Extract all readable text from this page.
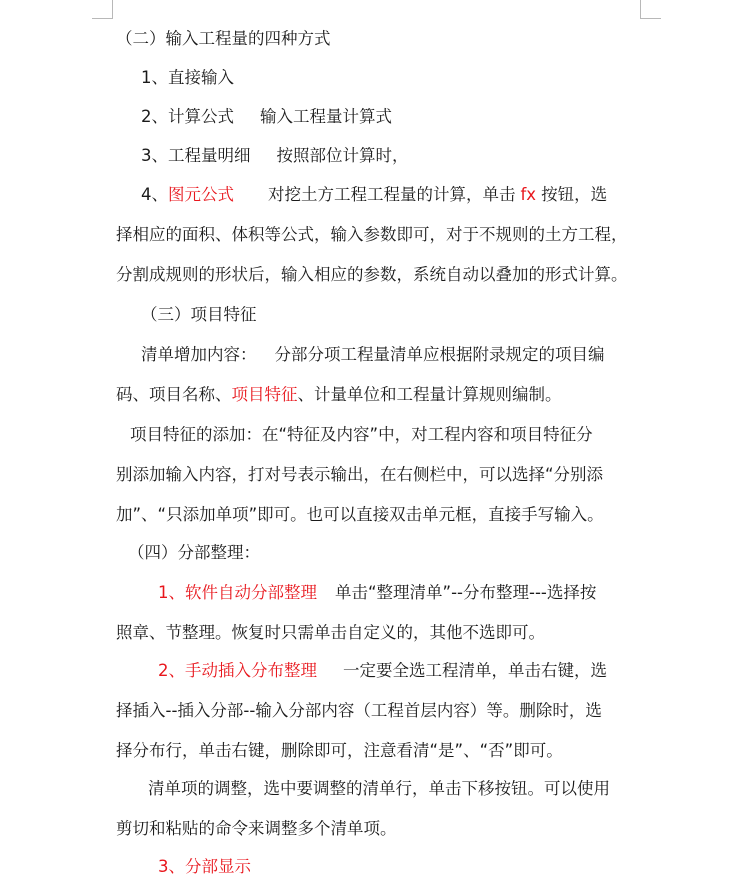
（二）输入工程量的四种方式
1、直接输入
2、计算公式 输入工程量计算式
3、工程量明细 按照部位计算时，
4、图元公式 对挖土方工程工程量的计算，单击 fx 按钮，选
择相应的面积、体积等公式，输入参数即可，对于不规则的土方工程，
分割成规则的形状后，输入相应的参数，系统自动以叠加的形式计算。
（三）项目特征
清单增加内容： 分部分项工程量清单应根据附录规定的项目编
码、项目名称、项目特征、计量单位和工程量计算规则编制。
项目特征的添加：在“特征及内容”中，对工程内容和项目特征分
别添加输入内容，打对号表示输出，在右侧栏中，可以选择“分别添
加”、“只添加单项”即可。也可以直接双击单元框，直接手写输入。
（四）分部整理：
1、软件自动分部整理 单击“整理清单”--分布整理---选择按
照章、节整理。恢复时只需单击自定义的，其他不选即可。
2、手动插入分布整理 一定要全选工程清单，单击右键，选
择插入--插入分部--输入分部内容（工程首层内容）等。删除时，选
择分布行，单击右键，删除即可，注意看清“是”、“否”即可。
清单项的调整，选中要调整的清单行，单击下移按钮。可以使用
剪切和粘贴的命令来调整多个清单项。
3、分部显示
